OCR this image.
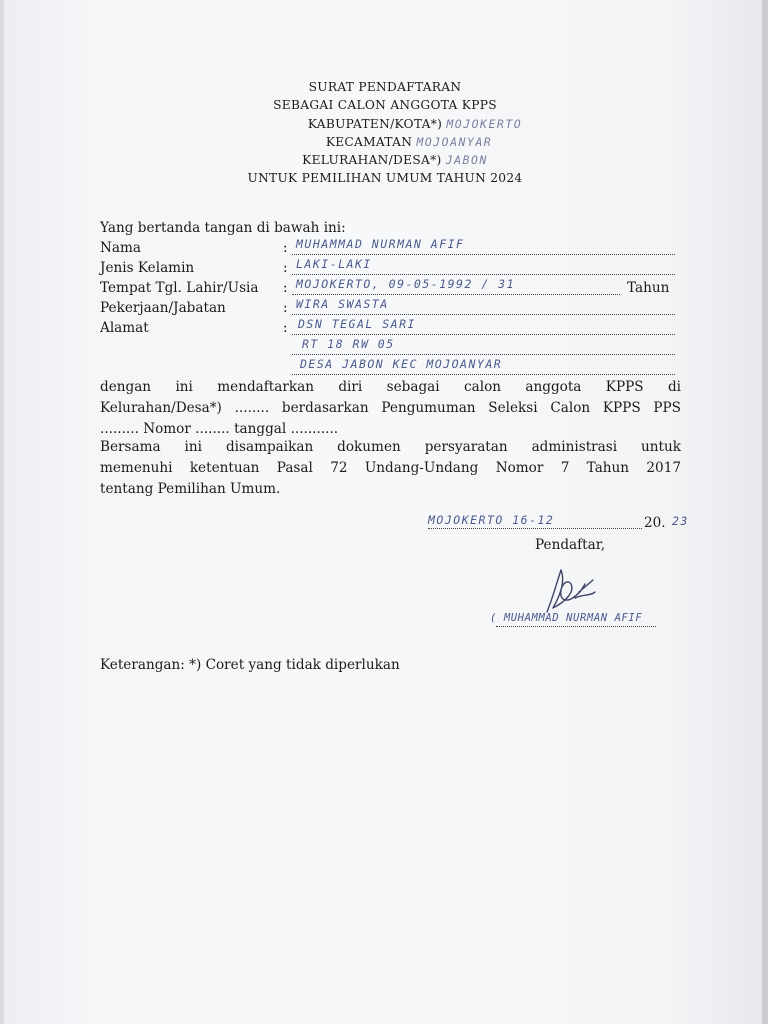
SURAT PENDAFTARAN
SEBAGAI CALON ANGGOTA KPPS
KABUPATEN/KOTA*) MOJOKERTO
KECAMATAN MOJOANYAR
KELURAHAN/DESA*) JABON
UNTUK PEMILIHAN UMUM TAHUN 2024
Yang bertanda tangan di bawah ini:
Nama	: MUHAMMAD NURMAN AFIF
Jenis Kelamin	: LAKI-LAKI
Tempat Tgl. Lahir/Usia : MOJOKERTO, 09-05-1992 / 31	Tahun
Pekerjaan/Jabatan	: WIRA SWASTA
Alamat	: DSN TEGAL SARI
RT 18 RW 05
DESA JABON KEC MOJOANYAR
dengan ini mendaftarkan diri sebagai calon anggota KPPS di
Kelurahan/Desa*) ........ berdasarkan Pengumuman Seleksi Calon KPPS PPS
......... Nomor ........ tanggal ...........
Bersama ini disampaikan dokumen persyaratan administrasi untuk
memenuhi ketentuan Pasal 72 Undang-Undang Nomor 7 Tahun 2017
tentang Pemilihan Umum.
MOJOKERTO 16-12	20. 23
Pendaftar,
( MUHAMMAD NURMAN AFIF
Keterangan: *) Coret yang tidak diperlukan
